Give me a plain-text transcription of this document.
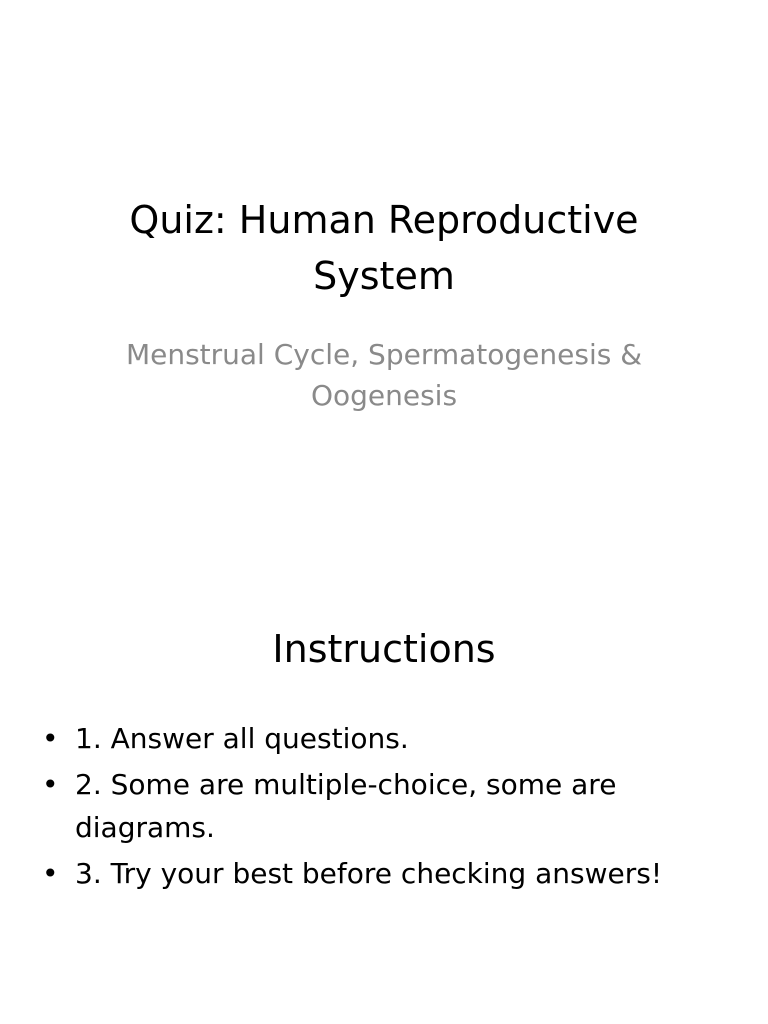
Quiz: Human Reproductive System

Menstrual Cycle, Spermatogenesis & Oogenesis

Instructions
• 1. Answer all questions.
• 2. Some are multiple-choice, some are diagrams.
• 3. Try your best before checking answers!
